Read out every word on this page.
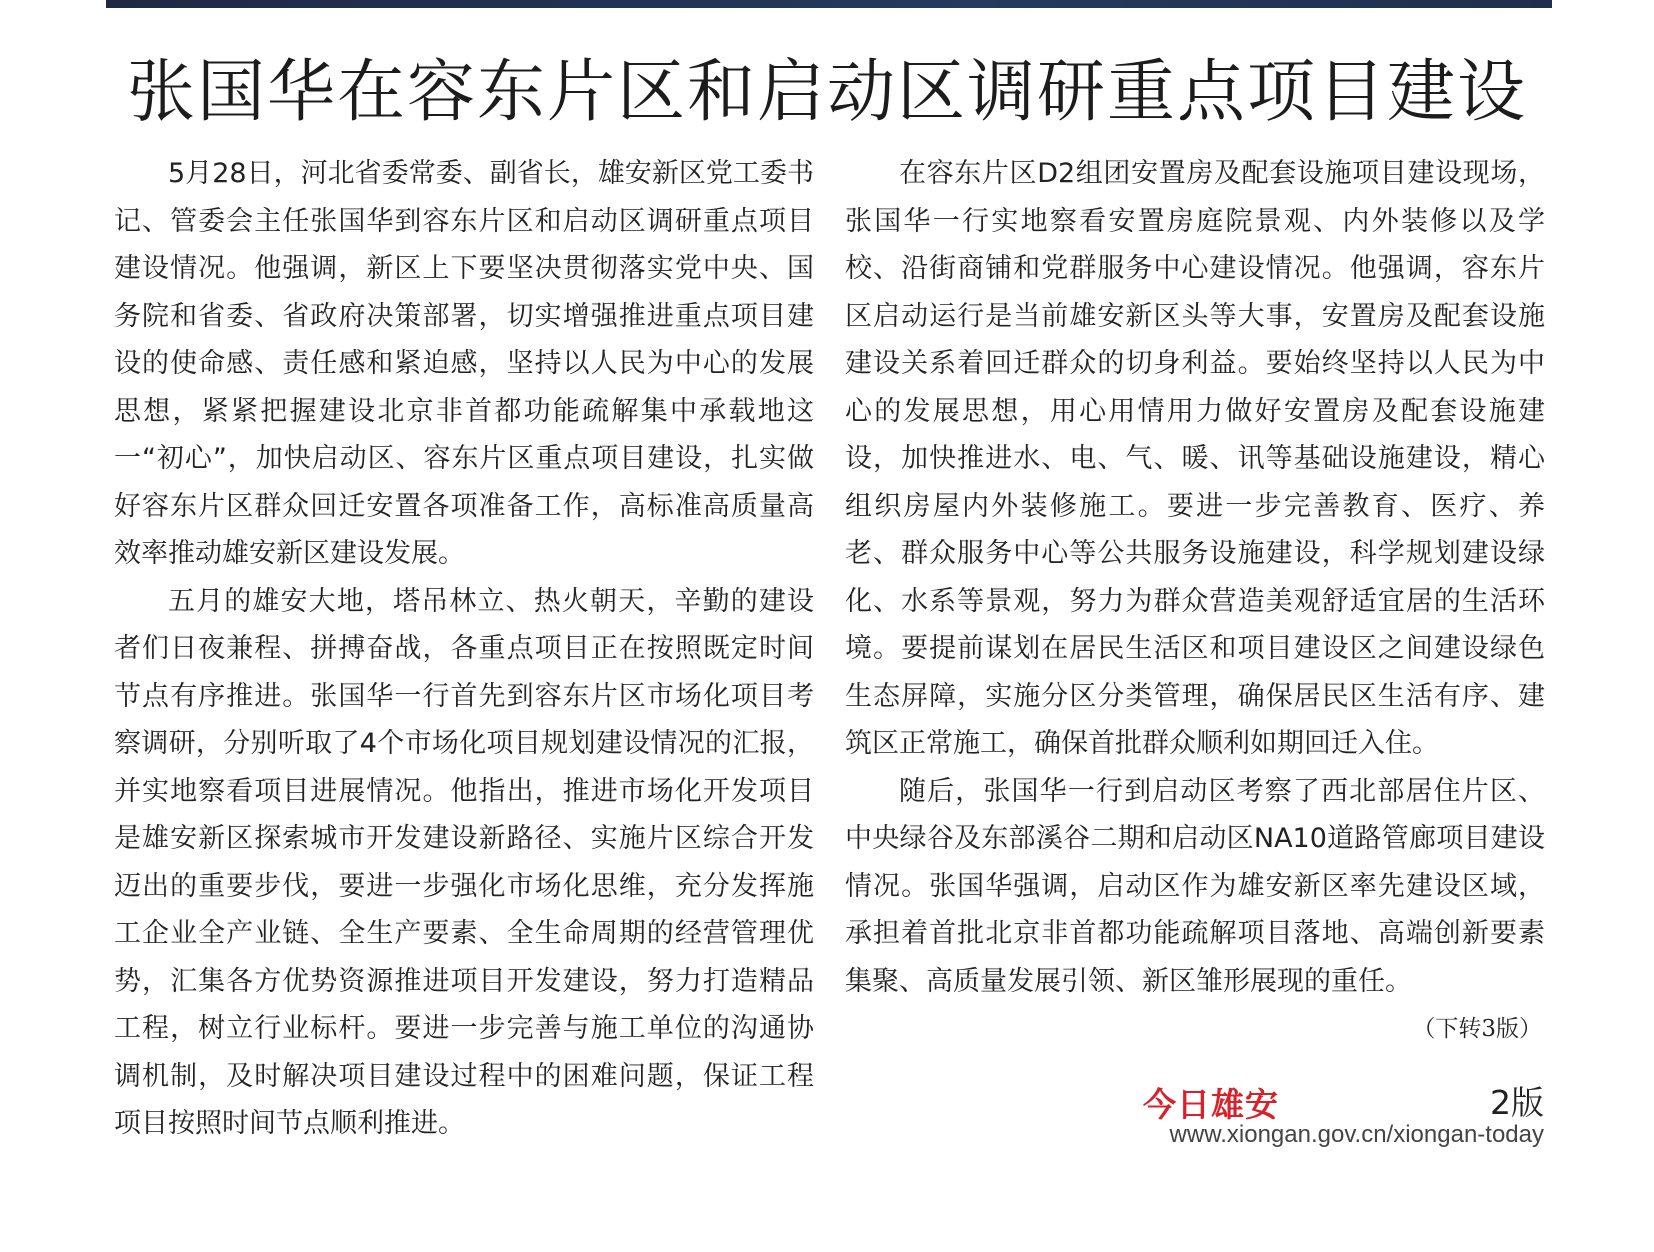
张国华在容东片区和启动区调研重点项目建设

5月28日，河北省委常委、副省长，雄安新区党工委书记、管委会主任张国华到容东片区和启动区调研重点项目建设情况。他强调，新区上下要坚决贯彻落实党中央、国务院和省委、省政府决策部署，切实增强推进重点项目建设的使命感、责任感和紧迫感，坚持以人民为中心的发展思想，紧紧把握建设北京非首都功能疏解集中承载地这一“初心”，加快启动区、容东片区重点项目建设，扎实做好容东片区群众回迁安置各项准备工作，高标准高质量高效率推动雄安新区建设发展。

五月的雄安大地，塔吊林立、热火朝天，辛勤的建设者们日夜兼程、拼搏奋战，各重点项目正在按照既定时间节点有序推进。张国华一行首先到容东片区市场化项目考察调研，分别听取了4个市场化项目规划建设情况的汇报，并实地察看项目进展情况。他指出，推进市场化开发项目是雄安新区探索城市开发建设新路径、实施片区综合开发迈出的重要步伐，要进一步强化市场化思维，充分发挥施工企业全产业链、全生产要素、全生命周期的经营管理优势，汇集各方优势资源推进项目开发建设，努力打造精品工程，树立行业标杆。要进一步完善与施工单位的沟通协调机制，及时解决项目建设过程中的困难问题，保证工程项目按照时间节点顺利推进。

在容东片区D2组团安置房及配套设施项目建设现场，张国华一行实地察看安置房庭院景观、内外装修以及学校、沿街商铺和党群服务中心建设情况。他强调，容东片区启动运行是当前雄安新区头等大事，安置房及配套设施建设关系着回迁群众的切身利益。要始终坚持以人民为中心的发展思想，用心用情用力做好安置房及配套设施建设，加快推进水、电、气、暖、讯等基础设施建设，精心组织房屋内外装修施工。要进一步完善教育、医疗、养老、群众服务中心等公共服务设施建设，科学规划建设绿化、水系等景观，努力为群众营造美观舒适宜居的生活环境。要提前谋划在居民生活区和项目建设区之间建设绿色生态屏障，实施分区分类管理，确保居民区生活有序、建筑区正常施工，确保首批群众顺利如期回迁入住。

随后，张国华一行到启动区考察了西北部居住片区、中央绿谷及东部溪谷二期和启动区NA10道路管廊项目建设情况。张国华强调，启动区作为雄安新区率先建设区域，承担着首批北京非首都功能疏解项目落地、高端创新要素集聚、高质量发展引领、新区雏形展现的重任。

（下转3版）
今日雄安	2版
www.xiongan.gov.cn/xiongan-today
